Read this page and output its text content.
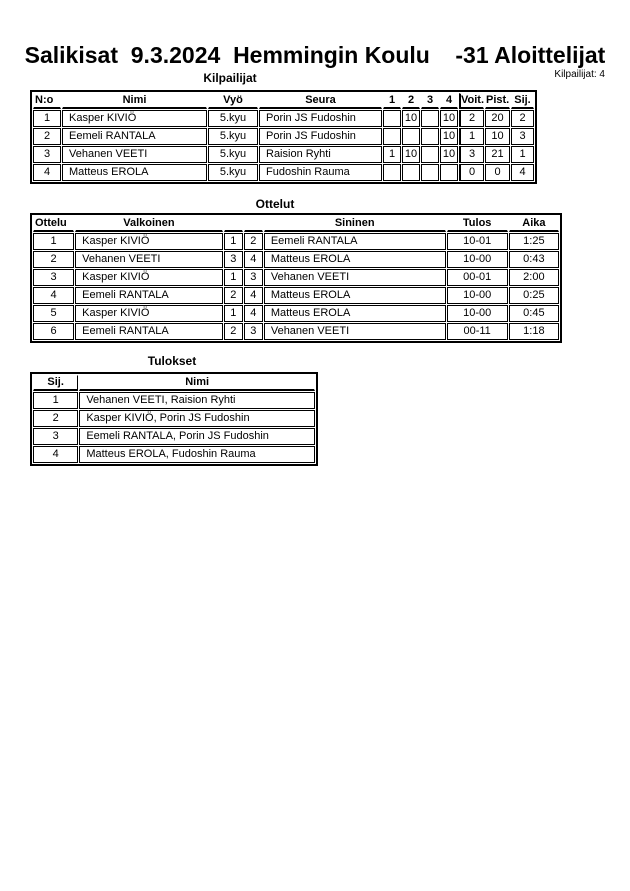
Salikisat  9.3.2024  Hemmingin Koulu    -31 Aloittelijat
Kilpailijat	Kilpailijat: 4
N:o	Nimi	Vyö	Seura	1	2	3	4	Voit.	Pist.	Sij.
1	Kasper KIVIÖ	5.kyu	Porin JS Fudoshin		10		10	2	20	2
2	Eemeli RANTALA	5.kyu	Porin JS Fudoshin				10	1	10	3
3	Vehanen VEETI	5.kyu	Raision Ryhti	1	10		10	3	21	1
4	Matteus EROLA	5.kyu	Fudoshin Rauma					0	0	4
Ottelut
Ottelu	Valkoinen			Sininen	Tulos	Aika
1	Kasper KIVIÖ	1	2	Eemeli RANTALA	10-01	1:25
2	Vehanen VEETI	3	4	Matteus EROLA	10-00	0:43
3	Kasper KIVIÖ	1	3	Vehanen VEETI	00-01	2:00
4	Eemeli RANTALA	2	4	Matteus EROLA	10-00	0:25
5	Kasper KIVIÖ	1	4	Matteus EROLA	10-00	0:45
6	Eemeli RANTALA	2	3	Vehanen VEETI	00-11	1:18
Tulokset
Sij.	Nimi
1	Vehanen VEETI, Raision Ryhti
2	Kasper KIVIÖ, Porin JS Fudoshin
3	Eemeli RANTALA, Porin JS Fudoshin
4	Matteus EROLA, Fudoshin Rauma
